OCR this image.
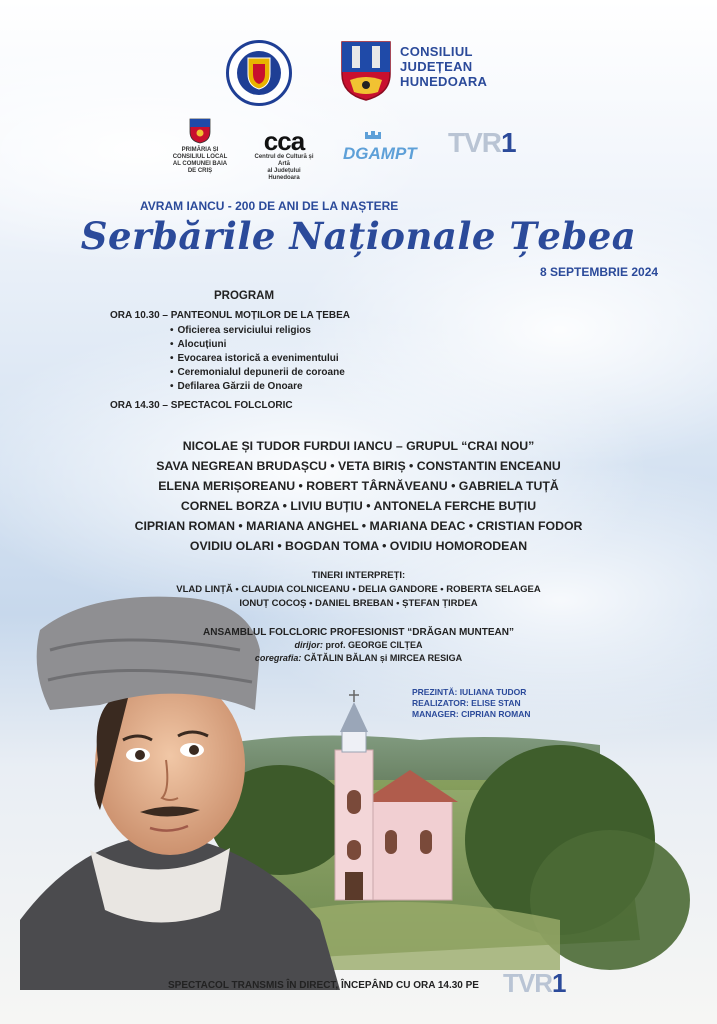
CONSILIUL
JUDEȚEAN
HUNEDOARA
PRIMĂRIA ȘI CONSILIUL LOCAL
AL COMUNEI BAIA DE CRIȘ
cca
Centrul de Cultură și Artă
al Județului Hunedoara
DGAMPT TVR1
AVRAM IANCU - 200 DE ANI DE LA NAȘTERE
Serbările Naționale Țebea
8 SEPTEMBRIE 2024
PROGRAM
ORA 10.30 – PANTEONUL MOȚILOR DE LA ȚEBEA
• Oficierea serviciului religios
• Alocuțiuni
• Evocarea istorică a evenimentului
• Ceremonialul depunerii de coroane
• Defilarea Gărzii de Onoare
ORA 14.30 – SPECTACOL FOLCLORIC
NICOLAE ȘI TUDOR FURDUI IANCU – GRUPUL “CRAI NOU”
SAVA NEGREAN BRUDAȘCU • VETA BIRIȘ • CONSTANTIN ENCEANU
ELENA MERIȘOREANU • ROBERT TÂRNĂVEANU • GABRIELA TUȚĂ
CORNEL BORZA • LIVIU BUȚIU • ANTONELA FERCHE BUȚIU
CIPRIAN ROMAN • MARIANA ANGHEL • MARIANA DEAC • CRISTIAN FODOR
OVIDIU OLARI • BOGDAN TOMA • OVIDIU HOMORODEAN
TINERI INTERPREȚI:
VLAD LINȚĂ • CLAUDIA COLNICEANU • DELIA GANDORE • ROBERTA SELAGEA
IONUȚ COCOȘ • DANIEL BREBAN • ȘTEFAN ȚIRDEA
ANSAMBLUL FOLCLORIC PROFESIONIST “DRĂGAN MUNTEAN”
dirijor: prof. GEORGE CILȚEA
coregrafia: CĂTĂLIN BĂLAN și MIRCEA RESIGA
PREZINTĂ: IULIANA TUDOR
REALIZATOR: ELISE STAN
MANAGER: CIPRIAN ROMAN
SPECTACOL TRANSMIS ÎN DIRECT, ÎNCEPÂND CU ORA 14.30 PE TVR1
